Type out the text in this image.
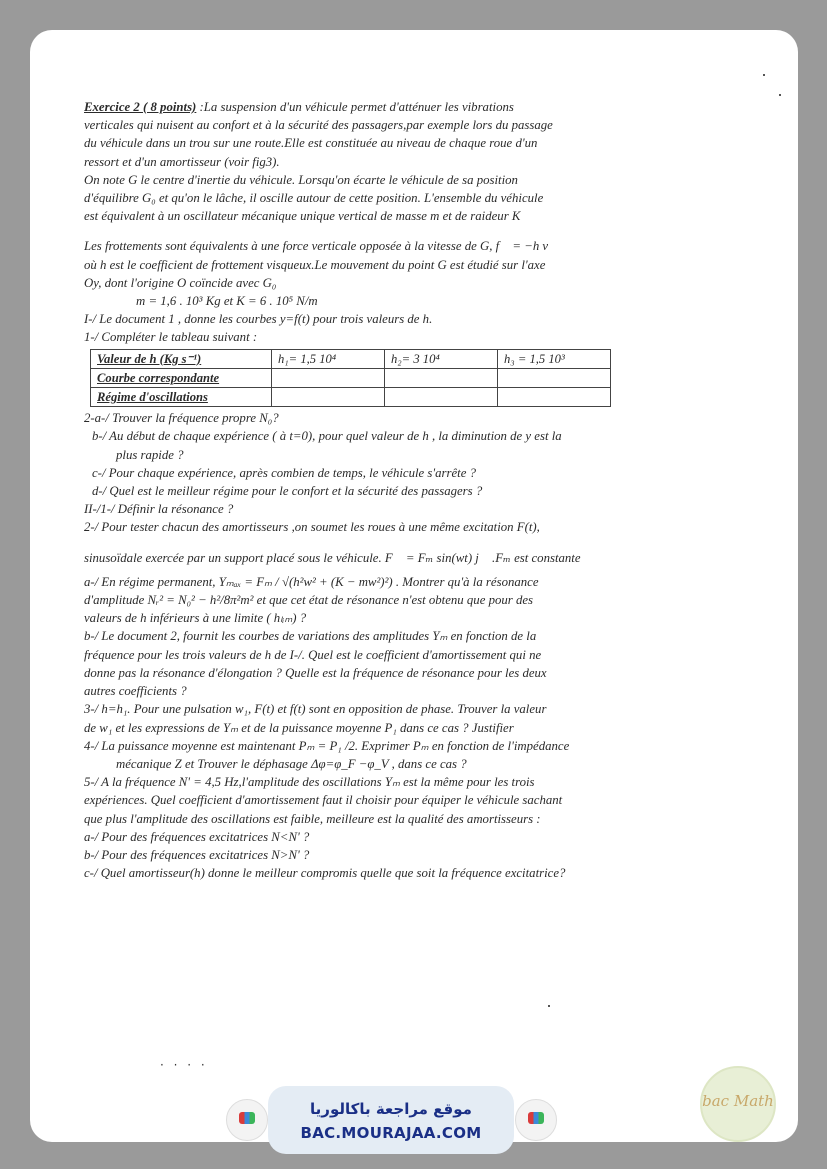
Exercice 2 ( 8 points) :La suspension d'un véhicule permet d'atténuer les vibrations
verticales qui nuisent au confort et à la sécurité des passagers,par exemple lors du passage
du véhicule dans un trou sur une route.Elle est constituée au niveau de chaque roue d'un
ressort et d'un amortisseur (voir fig3).
On note G le centre d'inertie du véhicule. Lorsqu'on écarte le véhicule de sa position
d'équilibre G₀ et qu'on le lâche, il oscille autour de cette position. L'ensemble du véhicule
est équivalent à un oscillateur mécanique unique vertical de masse m et de raideur K
Les frottements sont équivalents à une force verticale opposée à la vitesse de G, f⃗ = −h v⃗
où h est le coefficient de frottement visqueux.Le mouvement du point G est étudié sur l'axe
Oy, dont l'origine O coïncide avec G₀
m = 1,6 . 10³ Kg et K = 6 . 10⁵ N/m
I-/ Le document 1 , donne les courbes y=f(t) pour trois valeurs de h.
1-/ Compléter le tableau suivant :
Valeur de h (Kg s⁻¹)	h₁= 1,5 10⁴	h₂= 3 10⁴	h₃ = 1,5 10³
Courbe correspondante			
Régime d'oscillations			
2-a-/ Trouver la fréquence propre N₀?
b-/ Au début de chaque expérience ( à t=0), pour quel valeur de h , la diminution de y est la
plus rapide ?
c-/ Pour chaque expérience, après combien de temps, le véhicule s'arrête ?
d-/ Quel est le meilleur régime pour le confort et la sécurité des passagers ?
II-/1-/ Définir la résonance ?
2-/ Pour tester chacun des amortisseurs ,on soumet les roues à une même excitation F(t),
sinusoïdale exercée par un support placé sous le véhicule. F⃗ = Fₘ sin(wt) j⃗ .Fₘ est constante
a-/ En régime permanent, Yₘₐₓ = Fₘ / √(h²w² + (K − mw²)²) . Montrer qu'à la résonance
d'amplitude Nᵣ² = N₀² − h²/8π²m² et que cet état de résonance n'est obtenu que pour des
valeurs de h inférieurs à une limite ( hₗᵢₘ) ?
b-/ Le document 2, fournit les courbes de variations des amplitudes Yₘ en fonction de la
fréquence pour les trois valeurs de h de I-/. Quel est le coefficient d'amortissement qui ne
donne pas la résonance d'élongation ? Quelle est la fréquence de résonance pour les deux
autres coefficients ?
3-/ h=h₁. Pour une pulsation w₁, F(t) et f(t) sont en opposition de phase. Trouver la valeur
de w₁ et les expressions de Yₘ et de la puissance moyenne P₁ dans ce cas ? Justifier
4-/ La puissance moyenne est maintenant Pₘ = P₁ /2. Exprimer Pₘ en fonction de l'impédance
mécanique Z et Trouver le déphasage Δφ=φ_F −φ_V , dans ce cas ?
5-/ A la fréquence N' = 4,5 Hz,l'amplitude des oscillations Yₘ est la même pour les trois
expériences. Quel coefficient d'amortissement faut il choisir pour équiper le véhicule sachant
que plus l'amplitude des oscillations est faible, meilleure est la qualité des amortisseurs :
a-/ Pour des fréquences excitatrices N<N' ?
b-/ Pour des fréquences excitatrices N>N' ?
c-/ Quel amortisseur(h) donne le meilleur compromis quelle que soit la fréquence excitatrice?
· · · ·
موقع مراجعة باكالوريا
BAC.MOURAJAA.COM
bac Math
